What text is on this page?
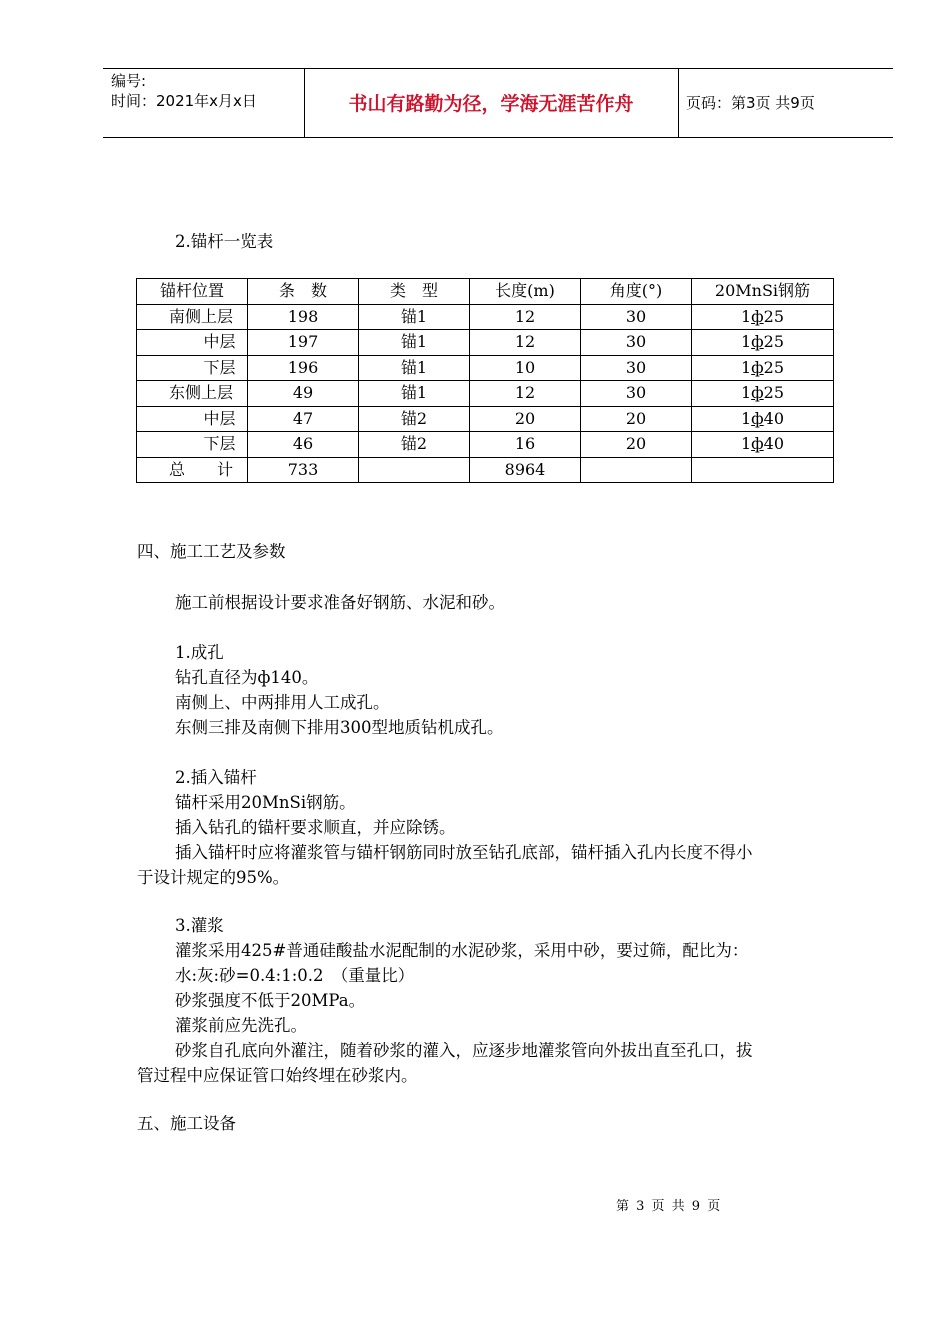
编号:
时间：2021年x月x日	书山有路勤为径，学海无涯苦作舟	页码：第3页 共9页
2.锚杆一览表
锚杆位置	条　数	类　型	长度(m)	角度(°)	20MnSi钢筋
南侧上层	198	锚1	12	30	1ф25
中层	197	锚1	12	30	1ф25
下层	196	锚1	10	30	1ф25
东侧上层	49	锚1	12	30	1ф25
中层	47	锚2	20	20	1ф40
下层	46	锚2	16	20	1ф40
总　　计	733		8964		
四、施工工艺及参数
施工前根据设计要求准备好钢筋、水泥和砂。
1.成孔
钻孔直径为ф140。
南侧上、中两排用人工成孔。
东侧三排及南侧下排用300型地质钻机成孔。
2.插入锚杆
锚杆采用20MnSi钢筋。
插入钻孔的锚杆要求顺直，并应除锈。
插入锚杆时应将灌浆管与锚杆钢筋同时放至钻孔底部，锚杆插入孔内长度不得小
于设计规定的95%。
3.灌浆
灌浆采用425#普通硅酸盐水泥配制的水泥砂浆，采用中砂，要过筛，配比为：
水:灰:砂=0.4:1:0.2　（重量比）
砂浆强度不低于20MPa。
灌浆前应先洗孔。
砂浆自孔底向外灌注，随着砂浆的灌入，应逐步地灌浆管向外拔出直至孔口，拔
管过程中应保证管口始终埋在砂浆内。
五、施工设备
第 3 页 共 9 页
